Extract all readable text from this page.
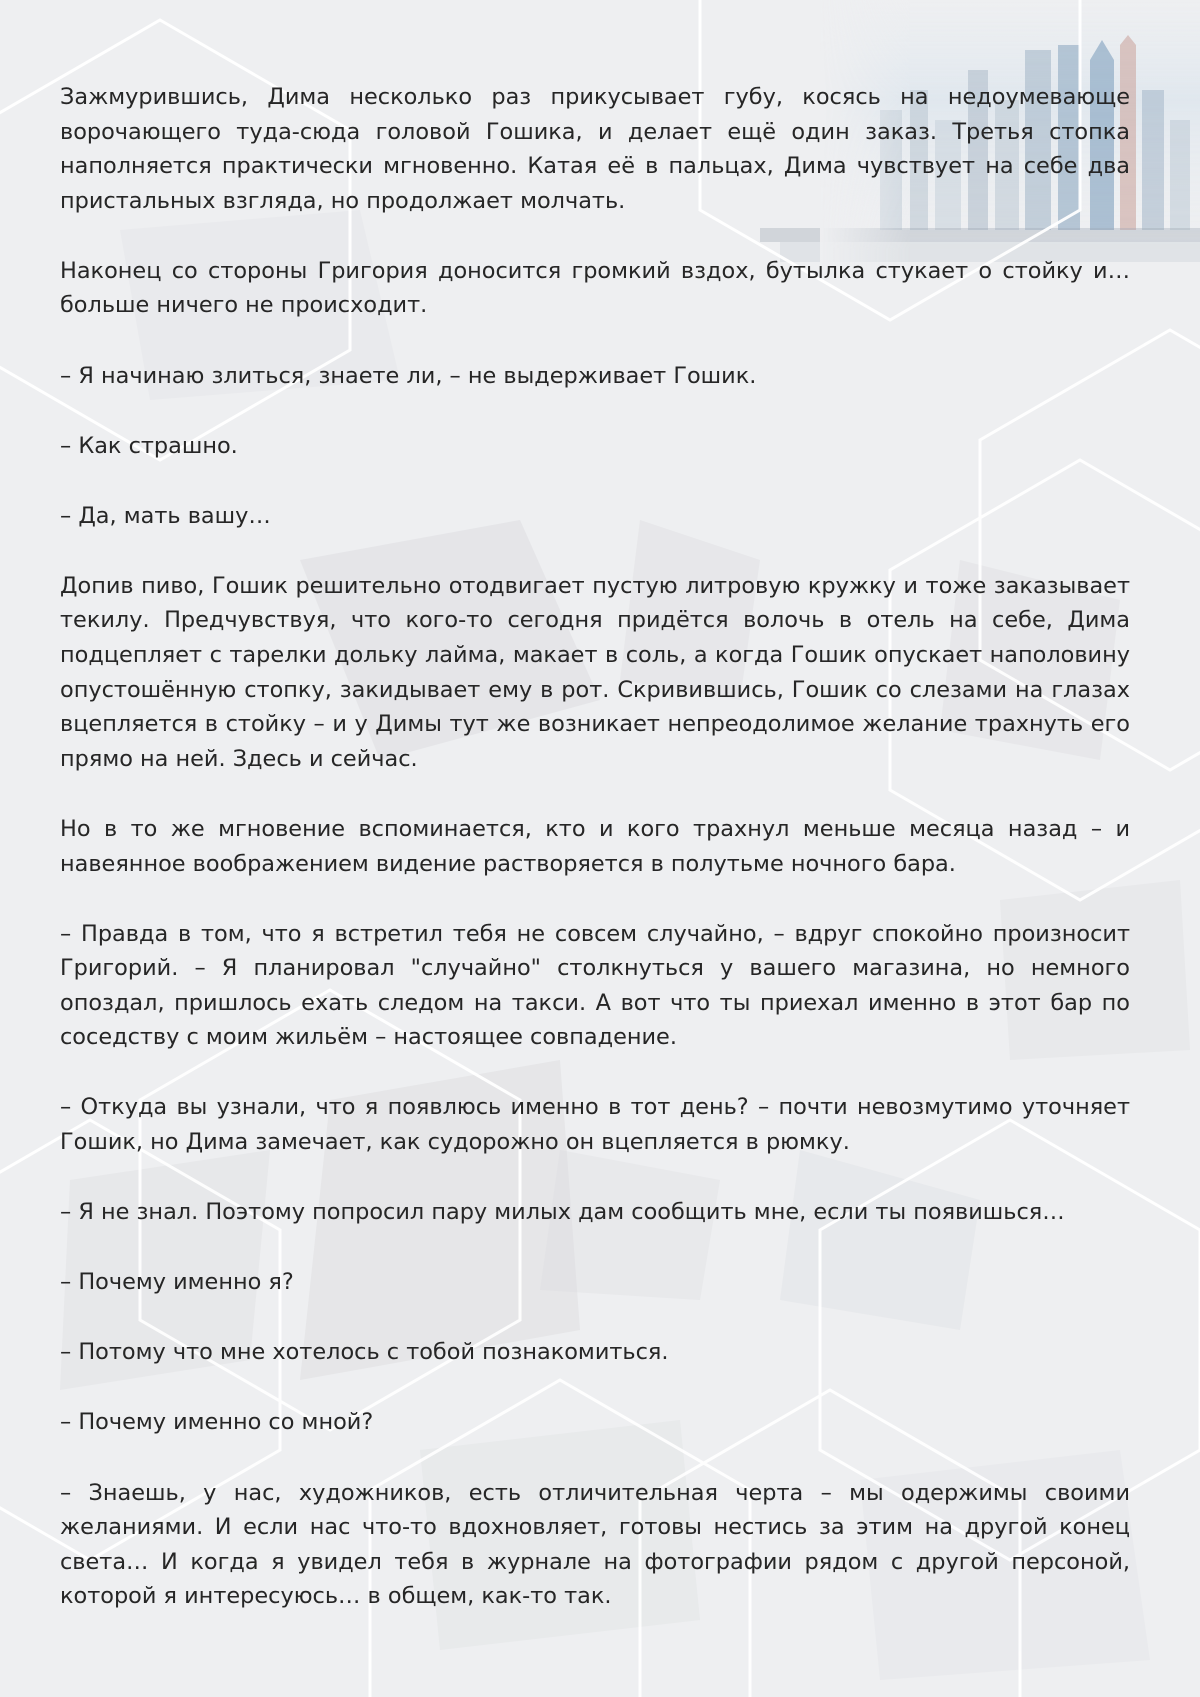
Зажмурившись, Дима несколько раз прикусывает губу, косясь на недоумевающе ворочающего туда-сюда головой Гошика, и делает ещё один заказ. Третья стопка наполняется практически мгновенно. Катая её в пальцах, Дима чувствует на себе два пристальных взгляда, но продолжает молчать.

Наконец со стороны Григория доносится громкий вздох, бутылка стукает о стойку и… больше ничего не происходит.

– Я начинаю злиться, знаете ли, – не выдерживает Гошик.

– Как страшно.

– Да, мать вашу…

Допив пиво, Гошик решительно отодвигает пустую литровую кружку и тоже заказывает текилу. Предчувствуя, что кого-то сегодня придётся волочь в отель на себе, Дима подцепляет с тарелки дольку лайма, макает в соль, а когда Гошик опускает наполовину опустошённую стопку, закидывает ему в рот. Скривившись, Гошик со слезами на глазах вцепляется в стойку – и у Димы тут же возникает непреодолимое желание трахнуть его прямо на ней. Здесь и сейчас.

Но в то же мгновение вспоминается, кто и кого трахнул меньше месяца назад – и навеянное воображением видение растворяется в полутьме ночного бара.

– Правда в том, что я встретил тебя не совсем случайно, – вдруг спокойно произносит Григорий. – Я планировал "случайно" столкнуться у вашего магазина, но немного опоздал, пришлось ехать следом на такси. А вот что ты приехал именно в этот бар по соседству с моим жильём – настоящее совпадение.

– Откуда вы узнали, что я появлюсь именно в тот день? – почти невозмутимо уточняет Гошик, но Дима замечает, как судорожно он вцепляется в рюмку.

– Я не знал. Поэтому попросил пару милых дам сообщить мне, если ты появишься…

– Почему именно я?

– Потому что мне хотелось с тобой познакомиться.

– Почему именно со мной?

– Знаешь, у нас, художников, есть отличительная черта – мы одержимы своими желаниями. И если нас что-то вдохновляет, готовы нестись за этим на другой конец света… И когда я увидел тебя в журнале на фотографии рядом с другой персоной, которой я интересуюсь… в общем, как-то так.
